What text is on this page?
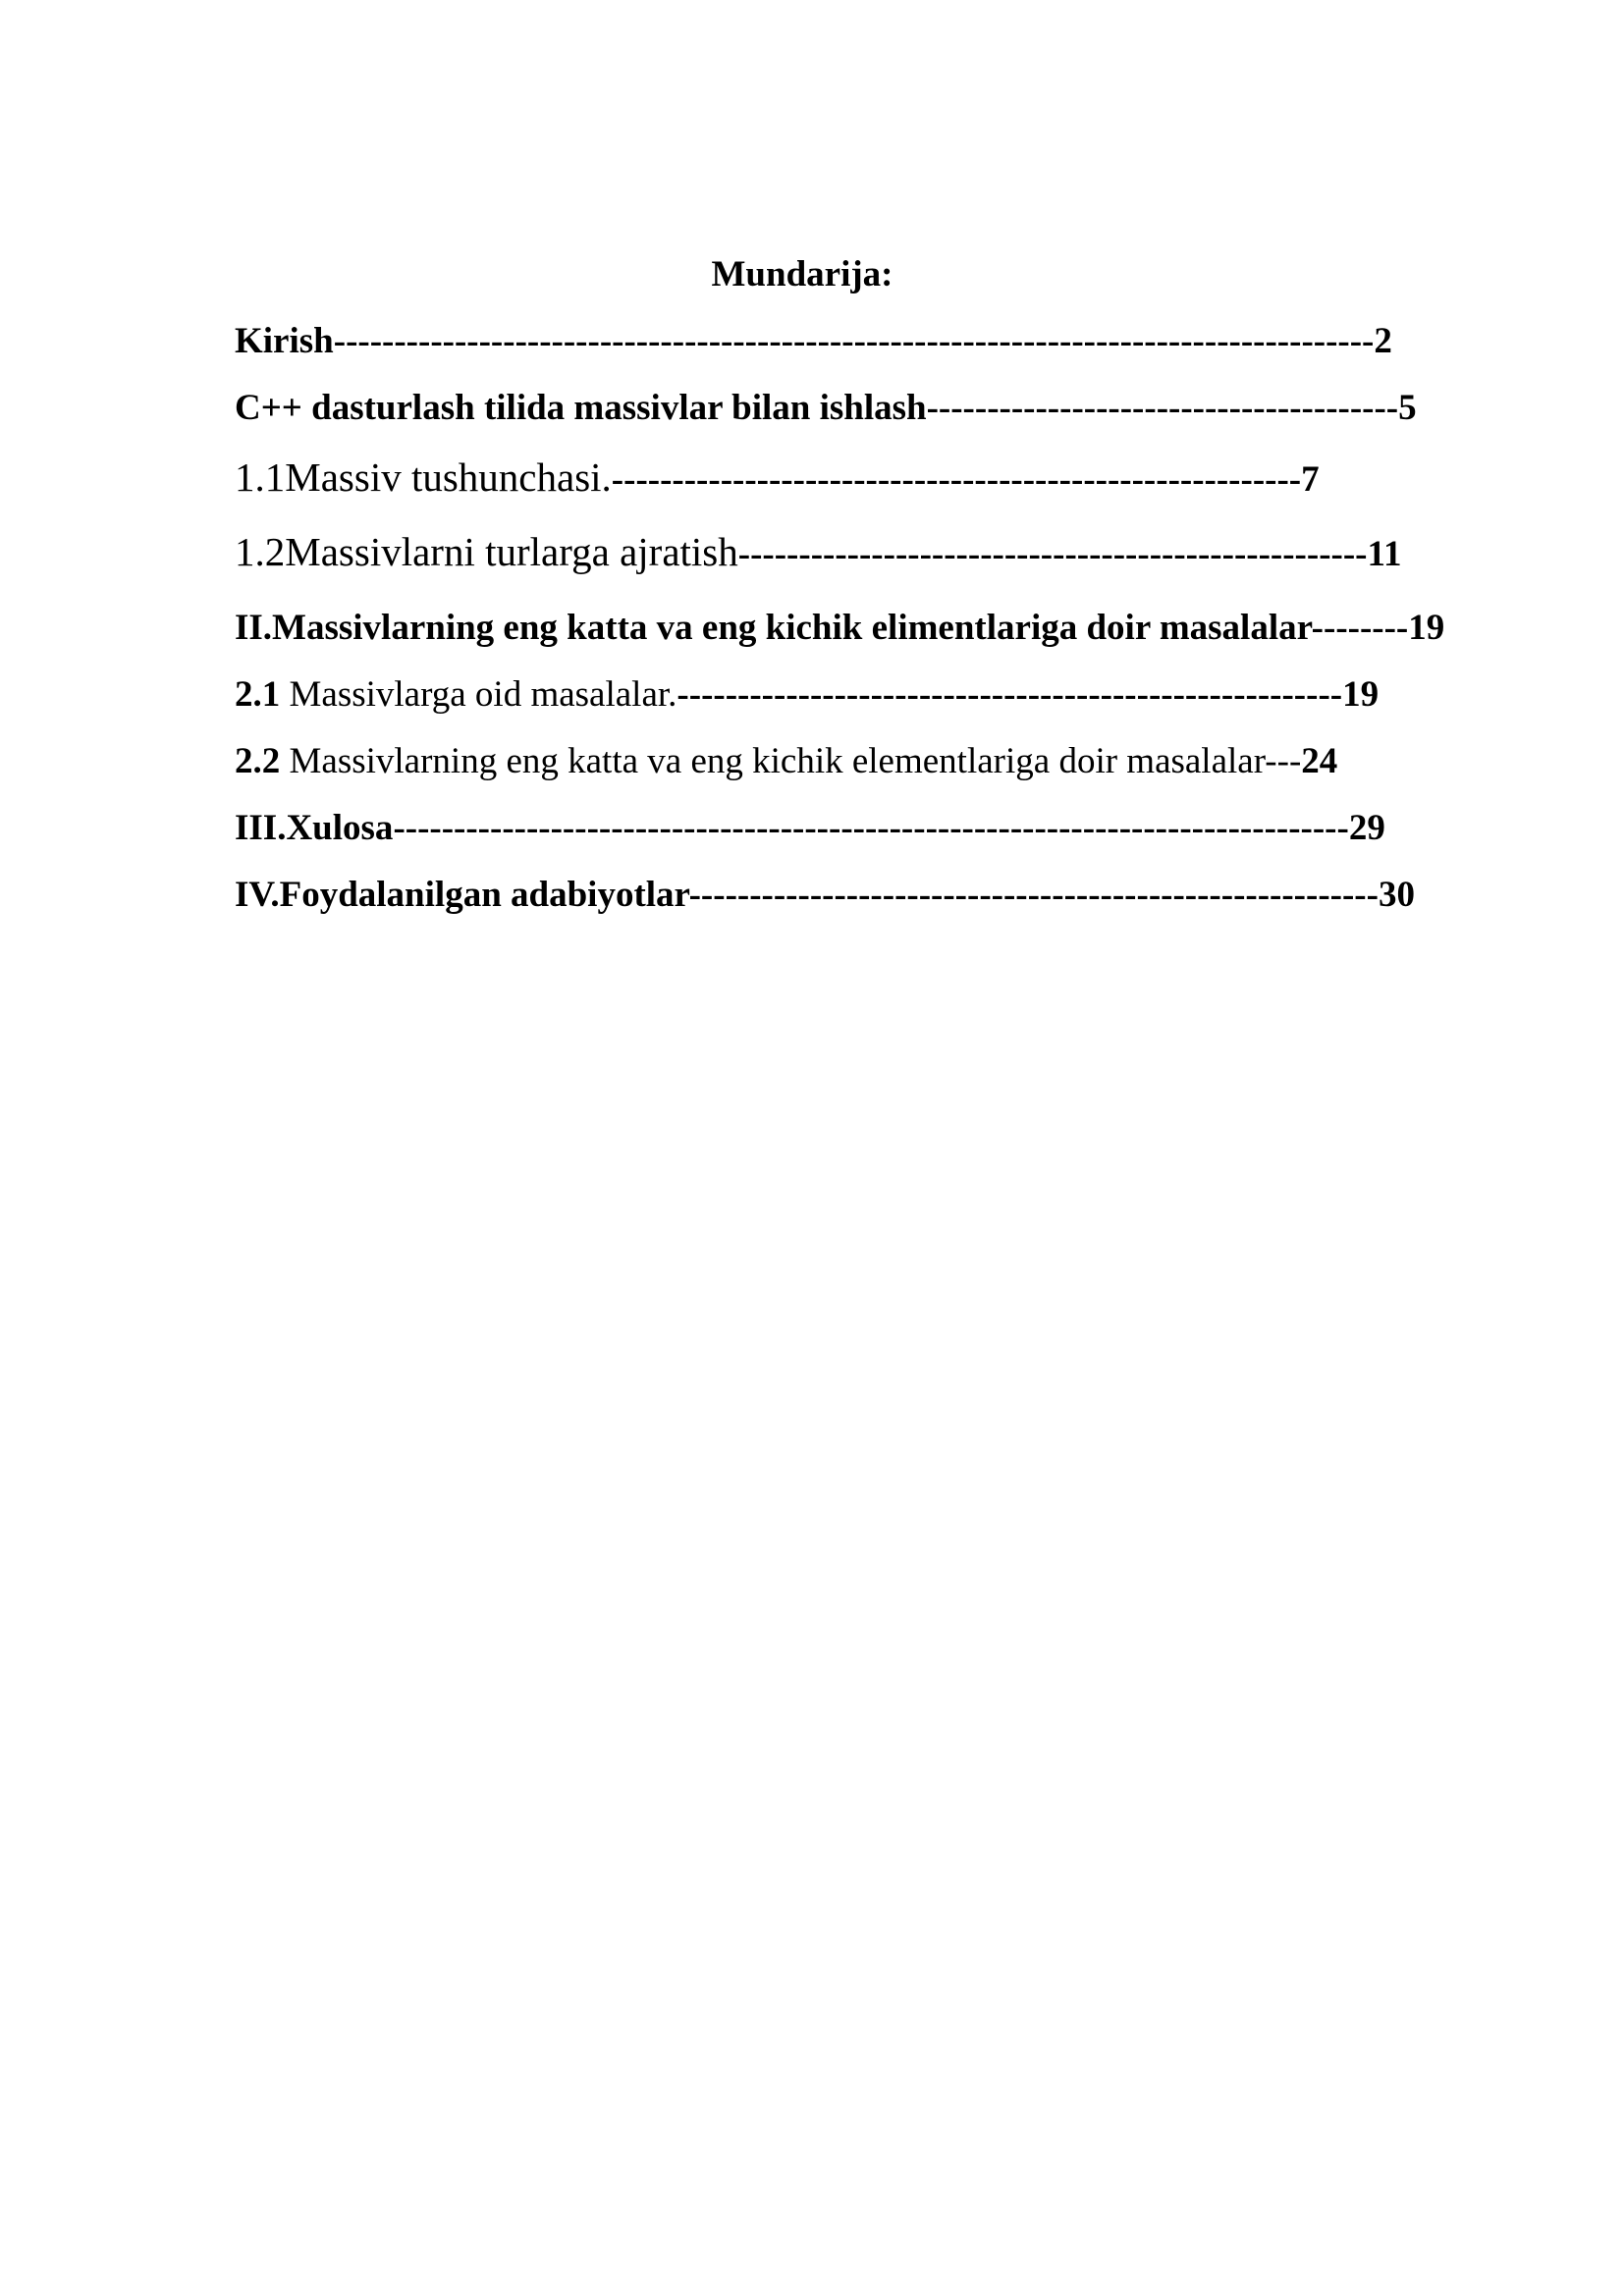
Mundarija:
Kirish--------------------------------------------------------------------------------------2
C++ dasturlash tilida massivlar bilan ishlash---------------------------------------5
1.1Massiv tushunchasi.---------------------------------------------------------7
1.2Massivlarni turlarga ajratish----------------------------------------------------11
II.Massivlarning eng katta va eng kichik elimentlariga doir masalalar--------19
2.1 Massivlarga oid masalalar.-------------------------------------------------------19
2.2 Massivlarning eng katta va eng kichik elementlariga doir masalalar---24
III.Xulosa-------------------------------------------------------------------------------29
IV.Foydalanilgan adabiyotlar---------------------------------------------------------30
